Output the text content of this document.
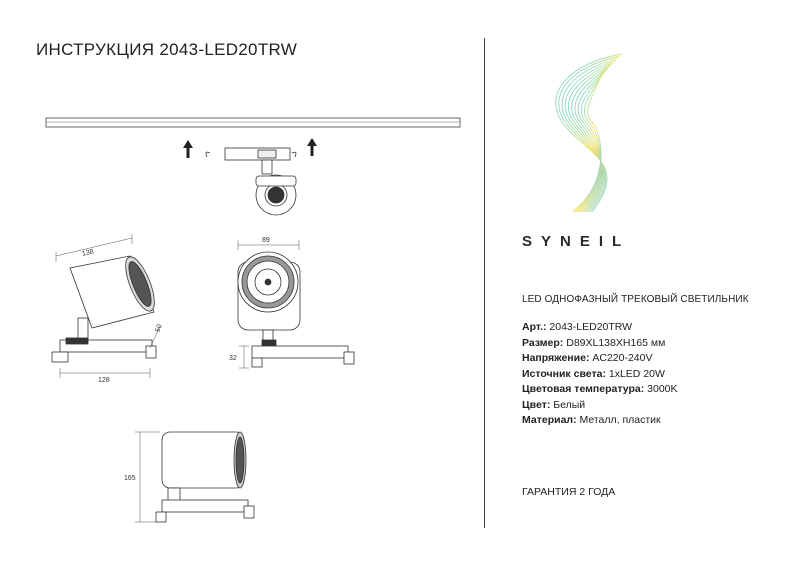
ИНСТРУКЦИЯ 2043-LED20TRW
138
50
128
89
32
165
SYNEIL
LED ОДНОФАЗНЫЙ ТРЕКОВЫЙ СВЕТИЛЬНИК
Арт.: 2043-LED20TRW
Размер: D89XL138XH165 мм
Напряжение: AC220-240V
Источник света: 1xLED 20W
Цветовая температура: 3000K
Цвет: Белый
Материал: Металл, пластик
ГАРАНТИЯ 2 ГОДА
